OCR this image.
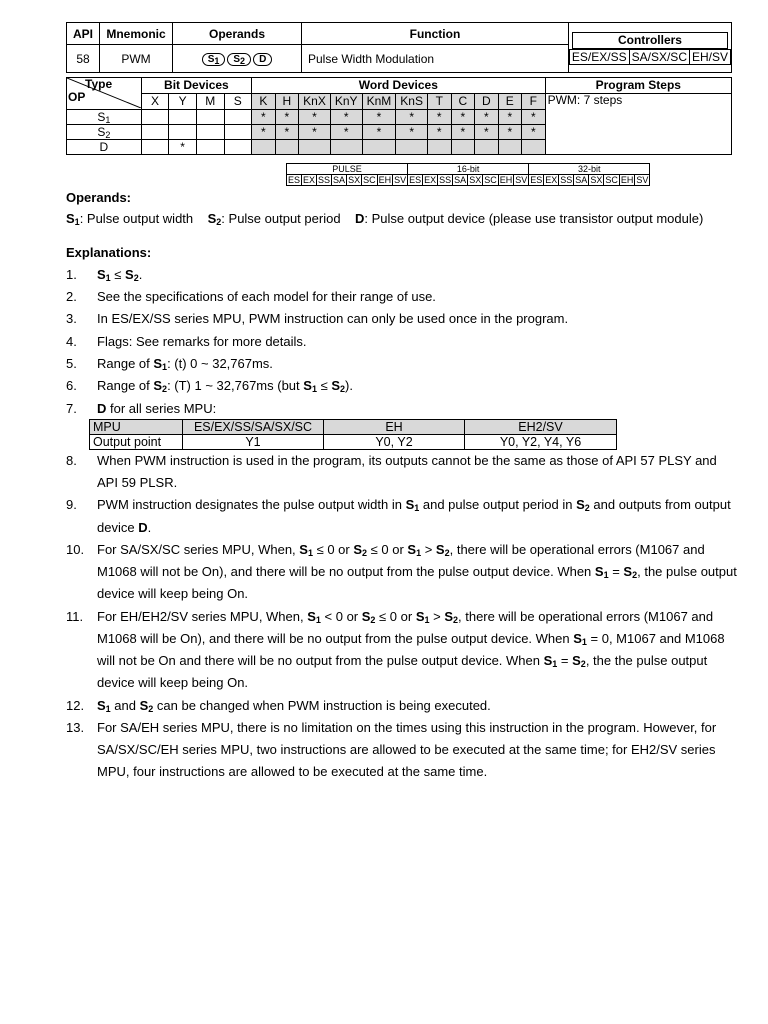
API	Mnemonic	Operands	Function	Controllers
ES/EX/SS	SA/SX/SC	EH/SV

58	PWM	$S_1$ $S_2$ D	Pulse Width Modulation
Type
OP	Bit Devices				Word Devices											Program Steps
	X	Y	M	S	K	H	KnX	KnY	KnM	KnS	T	C	D	E	F	PWM: 7 steps
$S_1$					*	*	*	*	*	*	*	*	*	*	*	
$S_2$					*	*	*	*	*	*	*	*	*	*	*	
D		*														
PULSE								16-bit								32-bit							
ES	EX	SS	SA	SX	SC	EH	SV	ES	EX	SS	SA	SX	SC	EH	SV	ES	EX	SS	SA	SX	SC	EH	SV
Operands:
$S_1$: Pulse output width $S_2$: Pulse output period D: Pulse output device (please use transistor output module)
Explanations:
1.	$S_1 \le S_2$.
2.	See the specifications of each model for their range of use.
3.	In ES/EX/SS series MPU, PWM instruction can only be used once in the program.
4.	Flags: See remarks for more details.
5.	Range of $S_1$: (t) 0 ~ 32,767ms.
6.	Range of $S_2$: (T) 1 ~ 32,767ms (but $S_1 \le S_2$).
7.	D for all series MPU:
MPU	ES/EX/SS/SA/SX/SC	EH	EH2/SV
Output point	Y1	Y0, Y2	Y0, Y2, Y4, Y6
8.	When PWM instruction is used in the program, its outputs cannot be the same as those of API 57 PLSY and
API 59 PLSR.
9.	PWM instruction designates the pulse output width in $S_1$ and pulse output period in $S_2$ and outputs from output
device D.
10. For SA/SX/SC series MPU, When, $S_1 \le 0$ or $S_2 \le 0$ or $S_1 > S_2$, there will be operational errors (M1067 and
M1068 will not be On), and there will be no output from the pulse output device. When $S_1 = S_2$, the pulse output
device will keep being On.
11.	For EH/EH2/SV series MPU, When, $S_1 < 0$ or $S_2 \le 0$ or $S_1 > S_2$, there will be operational errors (M1067 and
M1068 will be On), and there will be no output from the pulse output device. When $S_1 = 0$, M1067 and M1068
will not be On and there will be no output from the pulse output device. When $S_1 = S_2$, the the pulse output
device will keep being On.
12. $S_1$ and $S_2$ can be changed when PWM instruction is being executed.
13. For SA/EH series MPU, there is no limitation on the times using this instruction in the program. However, for
SA/SX/SC/EH series MPU, two instructions are allowed to be executed at the same time; for EH2/SV series
MPU, four instructions are allowed to be executed at the same time.
